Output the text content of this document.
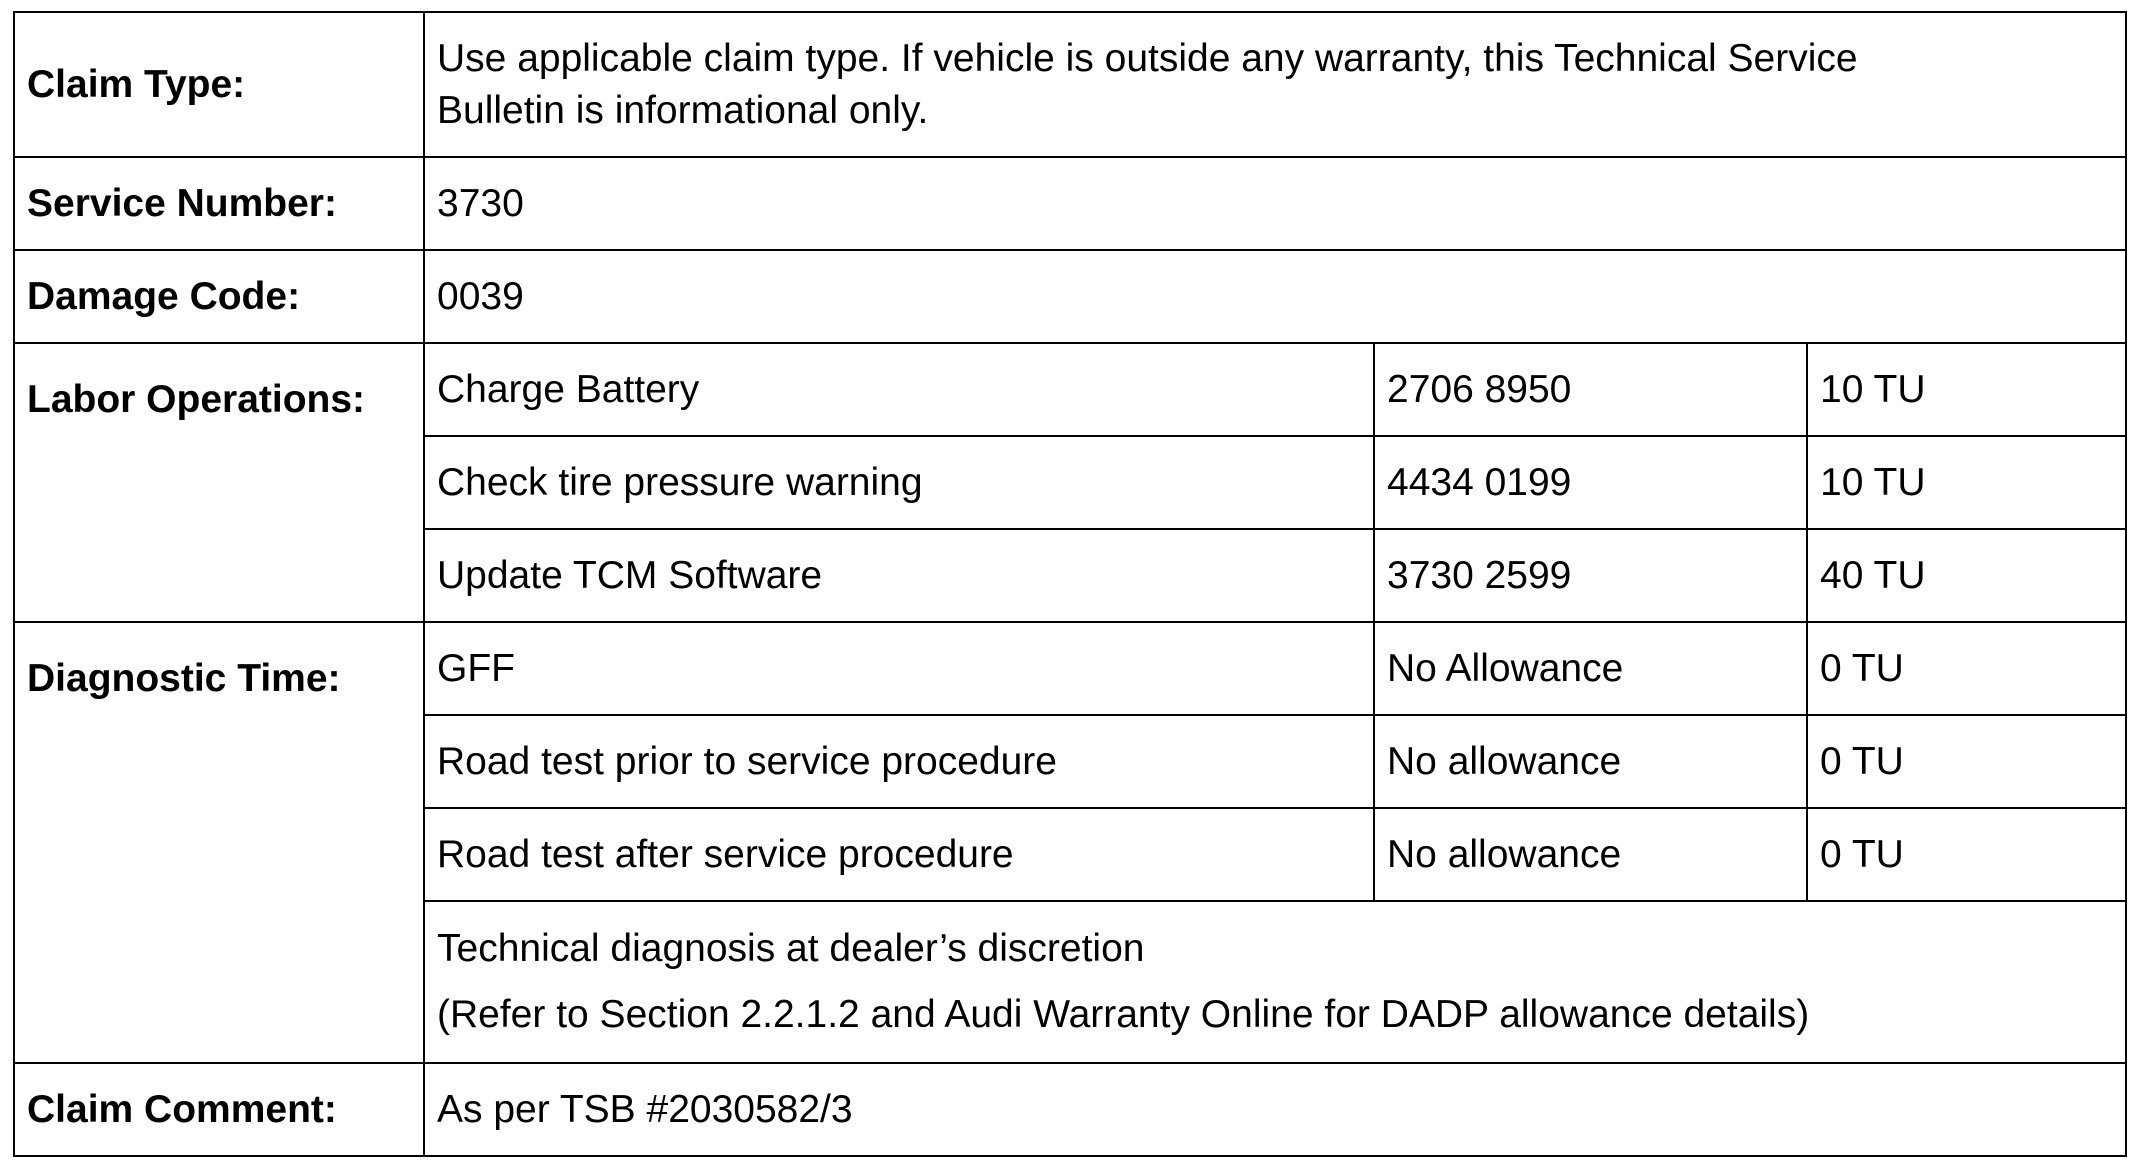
Claim Type:	Use applicable claim type. If vehicle is outside any warranty, this Technical Service
Bulletin is informational only.		
Service Number:	3730		
Damage Code:	0039		
Labor Operations:	Charge Battery	2706 8950	10 TU
	Check tire pressure warning	4434 0199	10 TU
	Update TCM Software	3730 2599	40 TU
Diagnostic Time:	GFF	No Allowance	0 TU
	Road test prior to service procedure	No allowance	0 TU
	Road test after service procedure	No allowance	0 TU
	Technical diagnosis at dealer’s discretion
(Refer to Section 2.2.1.2 and Audi Warranty Online for DADP allowance details)		

Claim Comment:	As per TSB #2030582/3		
